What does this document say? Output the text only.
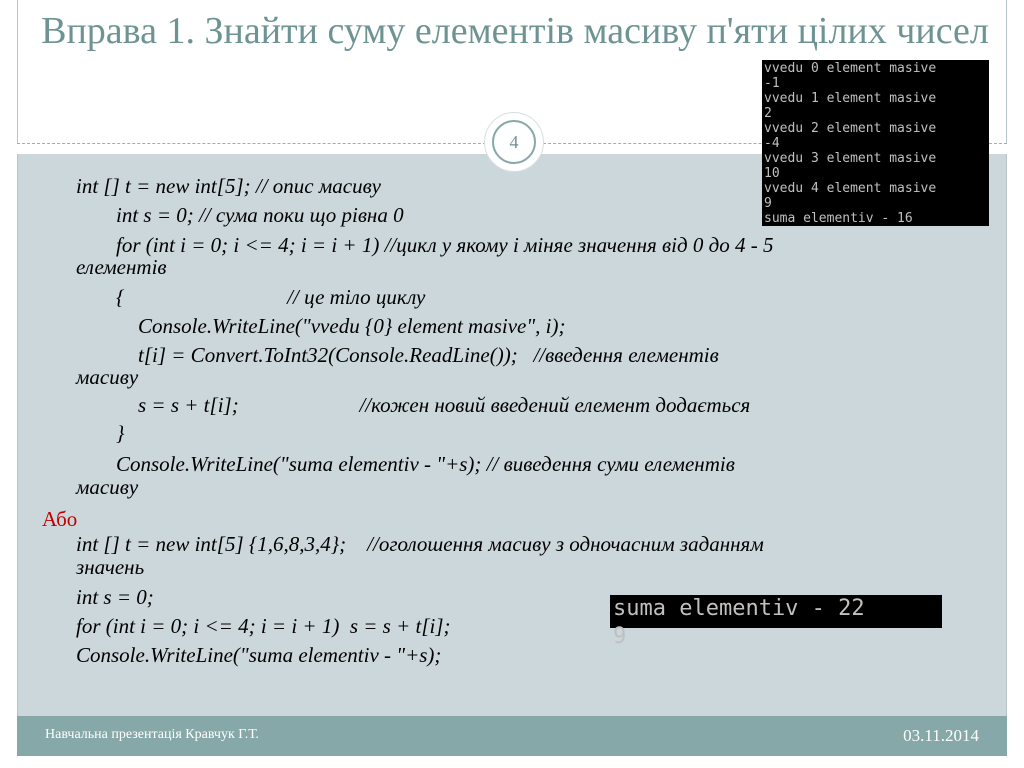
Вправа 1. Знайти суму елементів масиву п'яти цілих чисел
int [] t = new int[5]; // опис масиву
int s = 0; // сума поки що рівна 0
for (int i = 0; i <= 4; i = i + 1) //цикл у якому і міняе значення від 0 до 4 - 5
елементів
{                               // це тіло циклу
Console.WriteLine("vvedu {0} element masive", i);
t[i] = Convert.ToInt32(Console.ReadLine());   //введення елементів
масиву
s = s + t[i];                       //кожен новий введений елемент додається
}
Console.WriteLine("suma elementiv - "+s); // виведення суми елементів
масиву
int [] t = new int[5] {1,6,8,3,4};    //оголошення масиву з одночасним заданням
значень
int s = 0;
for (int i = 0; i <= 4; i = i + 1)  s = s + t[i];
Console.WriteLine("suma elementiv - "+s);
Або
4
vvedu 0 element masive
-1
vvedu 1 element masive
2
vvedu 2 element masive
-4
vvedu 3 element masive
10
vvedu 4 element masive
9
suma elementiv - 16
suma elementiv - 22
9
Навчальна презентація Кравчук Г.Т.	03.11.2014
